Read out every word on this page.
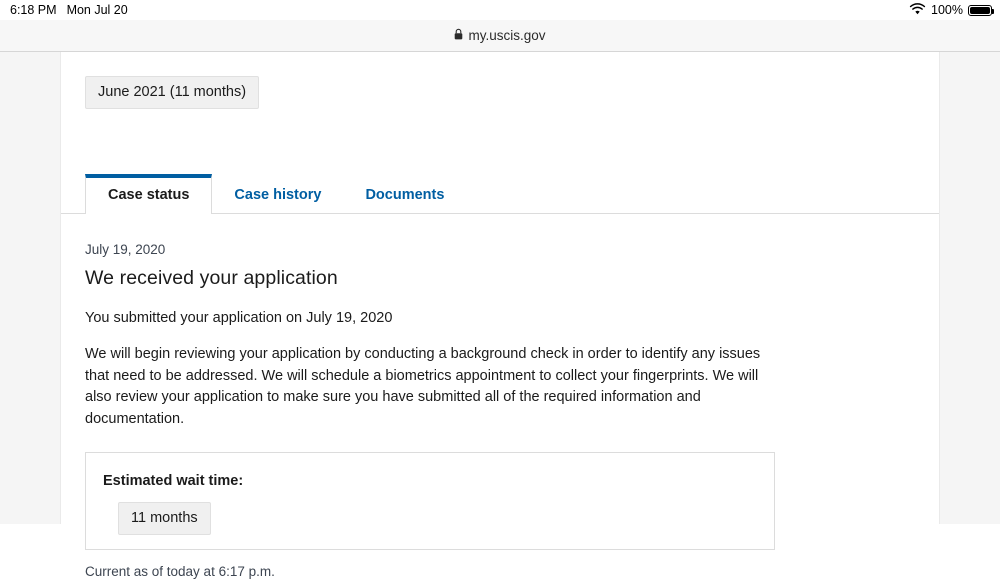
6:18 PM Mon Jul 20	100%
my.uscis.gov
June 2021 (11 months)
Case status	Case history	Documents
July 19, 2020
We received your application

You submitted your application on July 19, 2020

We will begin reviewing your application by conducting a background check in order to identify any issues that need to be addressed. We will schedule a biometrics appointment to collect your fingerprints. We will also review your application to make sure you have submitted all of the required information and documentation.

Estimated wait time:
11 months
Current as of today at 6:17 p.m.
